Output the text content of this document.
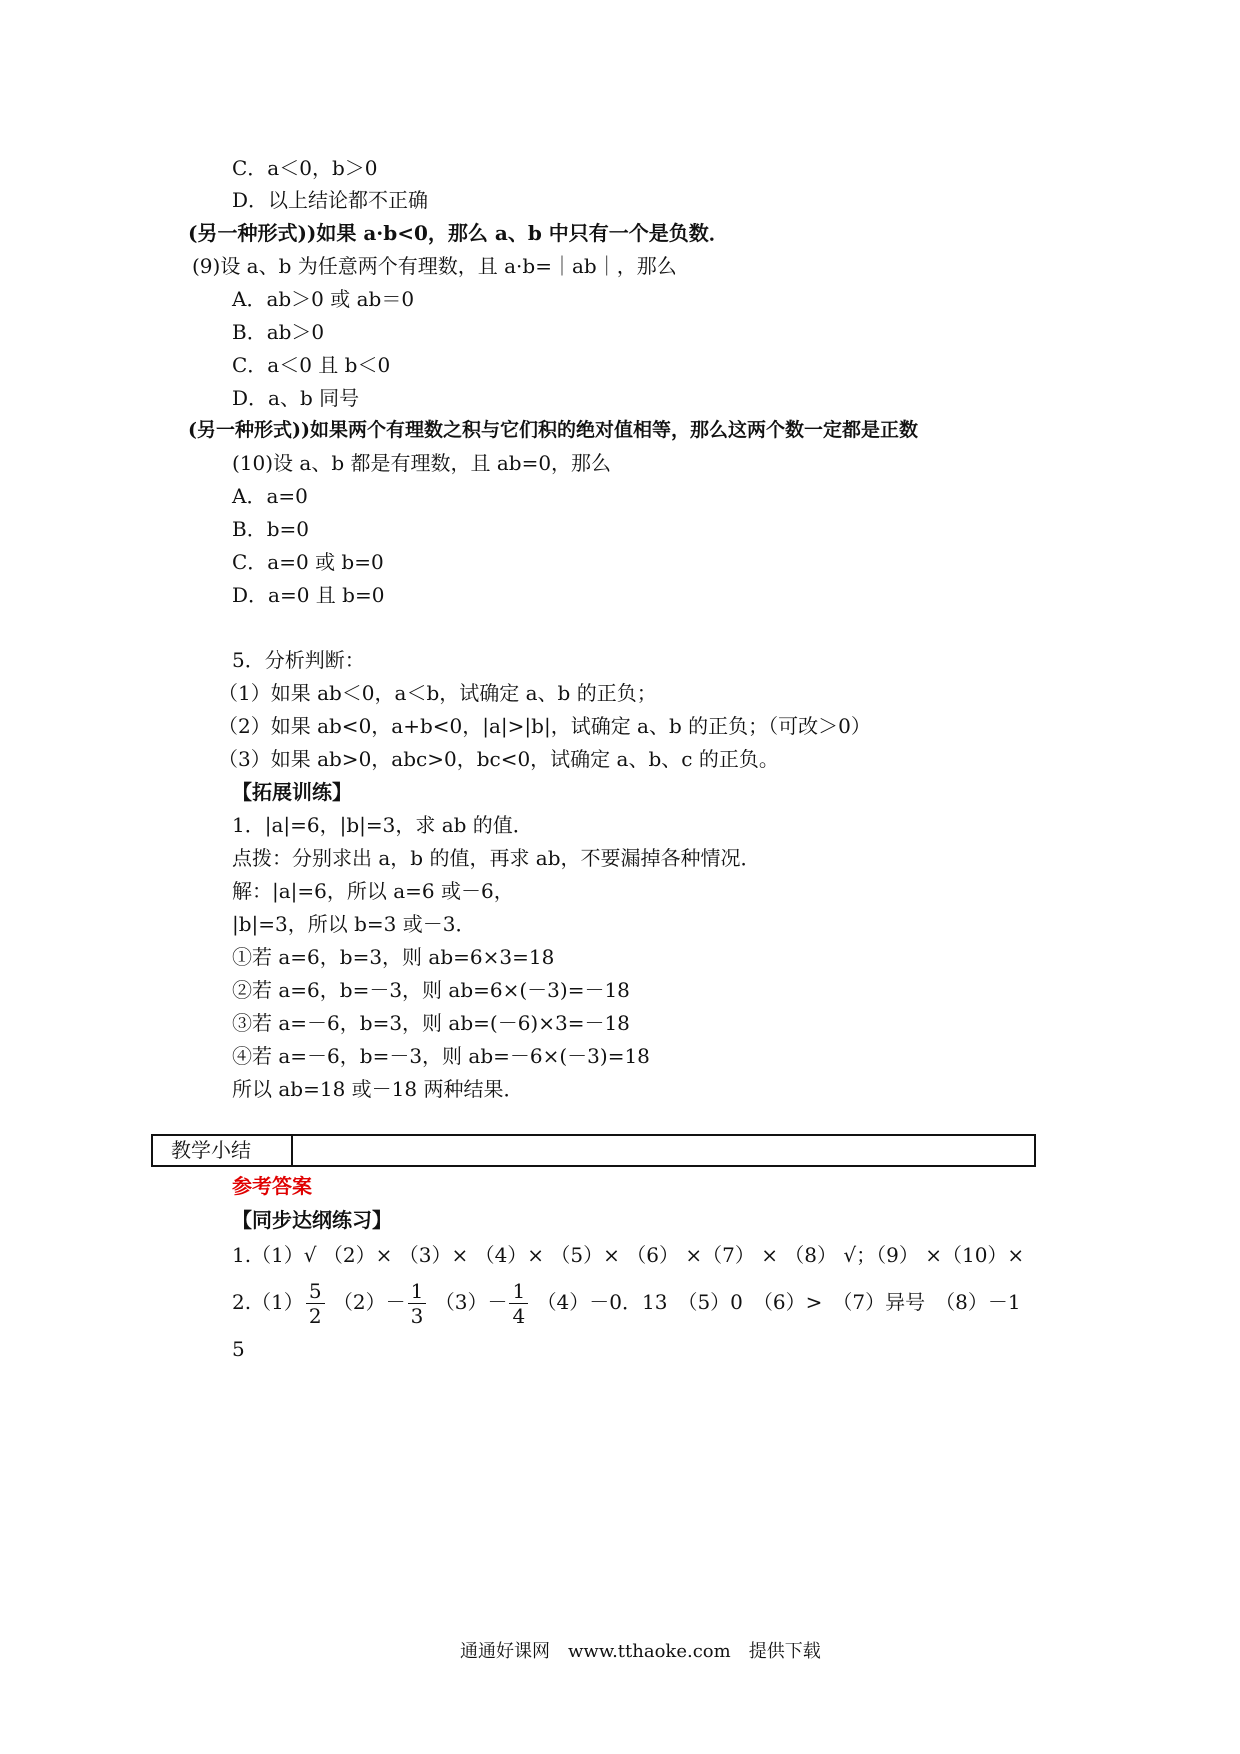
C．a＜0，b＞0
D．以上结论都不正确
(另一种形式))如果 a·b<0，那么 a、b 中只有一个是负数．
(9)设 a、b 为任意两个有理数，且 a·b=｜ab｜，那么
A．ab＞0 或 ab＝0
B．ab＞0
C．a＜0 且 b＜0
D．a、b 同号
(另一种形式))如果两个有理数之积与它们积的绝对值相等，那么这两个数一定都是正数
(10)设 a、b 都是有理数，且 ab=0，那么
A．a=0
B．b=0
C．a=0 或 b=0
D．a=0 且 b=0
5．分析判断：
（1）如果 ab＜0，a＜b，试确定 a、b 的正负；
（2）如果 ab<0，a+b<0，|a|>|b|，试确定 a、b 的正负；（可改＞0）
（3）如果 ab>0，abc>0，bc<0，试确定 a、b、c 的正负。
【拓展训练】
1．|a|=6，|b|=3，求 ab 的值．
点拨：分别求出 a，b 的值，再求 ab，不要漏掉各种情况．
解：|a|=6，所以 a=6 或－6，
|b|=3，所以 b=3 或－3．
①若 a=6，b=3，则 ab=6×3=18
②若 a=6，b=－3，则 ab=6×(－3)=－18
③若 a=－6，b=3，则 ab=(－6)×3=－18
④若 a=－6，b=－3，则 ab=－6×(－3)=18
所以 ab=18 或－18 两种结果．
教学小结
参考答案
【同步达纲练习】
1.（1）√ （2）× （3）× （4）× （5）× （6） ×（7） × （8） √；（9） ×（10）×
$2.(1) \frac{5}{2} (2)- \frac{1}{3} (3)- \frac{1}{4} (4)-0$．13　（5）0　（6）>　（7）异号　（8）－1
5
通通好课网　www.tthaoke.com　提供下载
